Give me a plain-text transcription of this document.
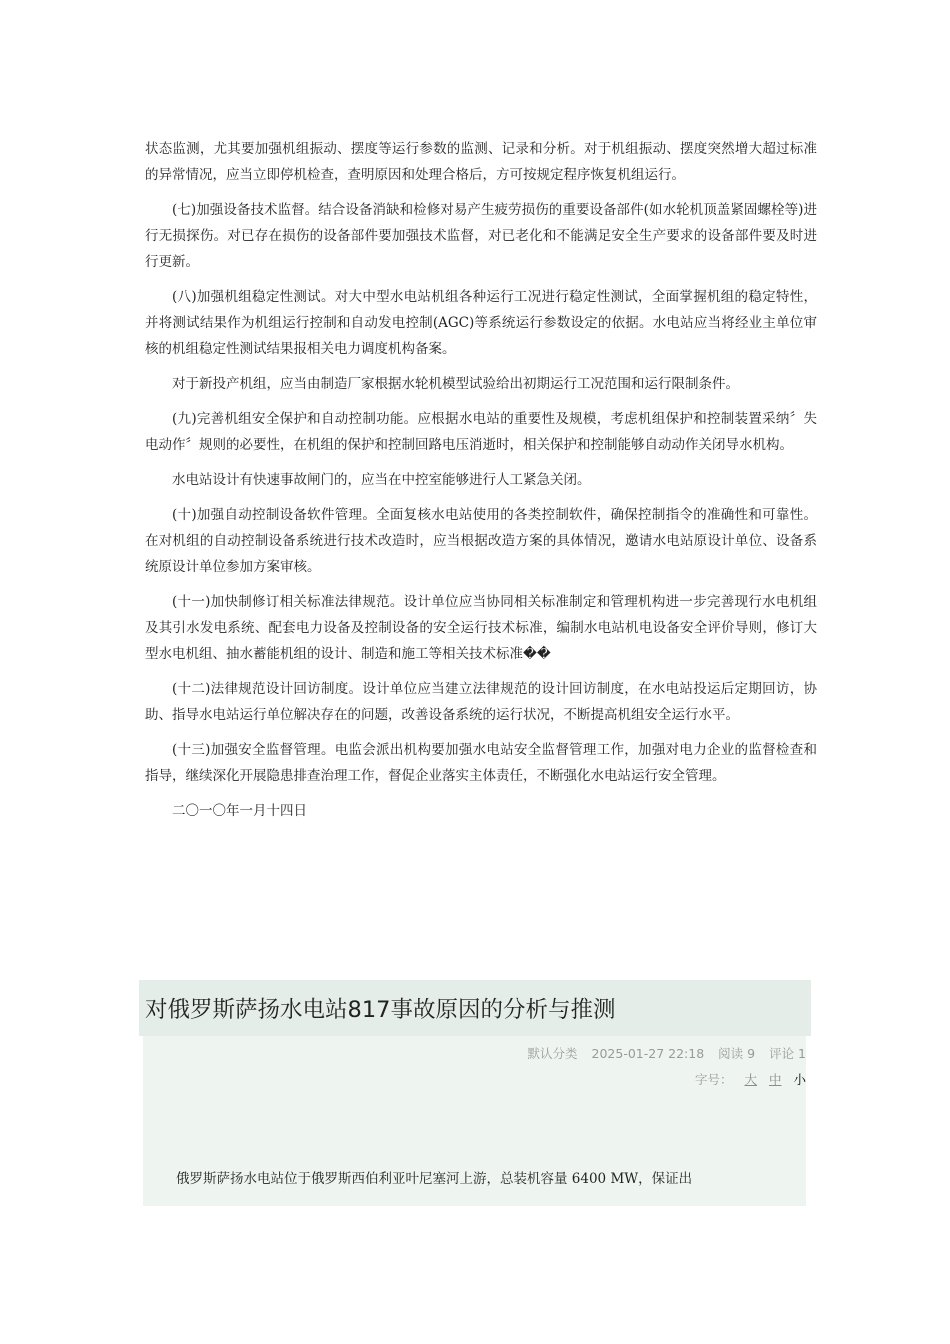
状态监测，尤其要加强机组振动、摆度等运行参数的监测、记录和分析。对于机组振动、摆度突然增大超过标准的异常情况，应当立即停机检查，查明原因和处理合格后，方可按规定程序恢复机组运行。

(七)加强设备技术监督。结合设备消缺和检修对易产生疲劳损伤的重要设备部件(如水轮机顶盖紧固螺栓等)进行无损探伤。对已存在损伤的设备部件要加强技术监督，对已老化和不能满足安全生产要求的设备部件要及时进行更新。

(八)加强机组稳定性测试。对大中型水电站机组各种运行工况进行稳定性测试，全面掌握机组的稳定特性，并将测试结果作为机组运行控制和自动发电控制(AGC)等系统运行参数设定的依据。水电站应当将经业主单位审核的机组稳定性测试结果报相关电力调度机构备案。

对于新投产机组，应当由制造厂家根据水轮机模型试验给出初期运行工况范围和运行限制条件。

(九)完善机组安全保护和自动控制功能。应根据水电站的重要性及规模，考虑机组保护和控制装置采纳〞失电动作〞规则的必要性，在机组的保护和控制回路电压消逝时，相关保护和控制能够自动动作关闭导水机构。

水电站设计有快速事故闸门的，应当在中控室能够进行人工紧急关闭。

(十)加强自动控制设备软件管理。全面复核水电站使用的各类控制软件，确保控制指令的准确性和可靠性。在对机组的自动控制设备系统进行技术改造时，应当根据改造方案的具体情况，邀请水电站原设计单位、设备系统原设计单位参加方案审核。

(十一)加快制修订相关标准法律规范。设计单位应当协同相关标准制定和管理机构进一步完善现行水电机组及其引水发电系统、配套电力设备及控制设备的安全运行技术标准，编制水电站机电设备安全评价导则，修订大型水电机组、抽水蓄能机组的设计、制造和施工等相关技术标准��

(十二)法律规范设计回访制度。设计单位应当建立法律规范的设计回访制度，在水电站投运后定期回访，协助、指导水电站运行单位解决存在的问题，改善设备系统的运行状况，不断提高机组安全运行水平。

(十三)加强安全监督管理。电监会派出机构要加强水电站安全监督管理工作，加强对电力企业的监督检查和指导，继续深化开展隐患排查治理工作，督促企业落实主体责任，不断强化水电站运行安全管理。

二〇一〇年一月十四日

对俄罗斯萨扬水电站817事故原因的分析与推测
默认分类 2025-01-27 22:18 阅读 9 评论 1
字号： 大 中 小
俄罗斯萨扬水电站位于俄罗斯西伯利亚叶尼塞河上游，总装机容量 6400 MW，保证出
